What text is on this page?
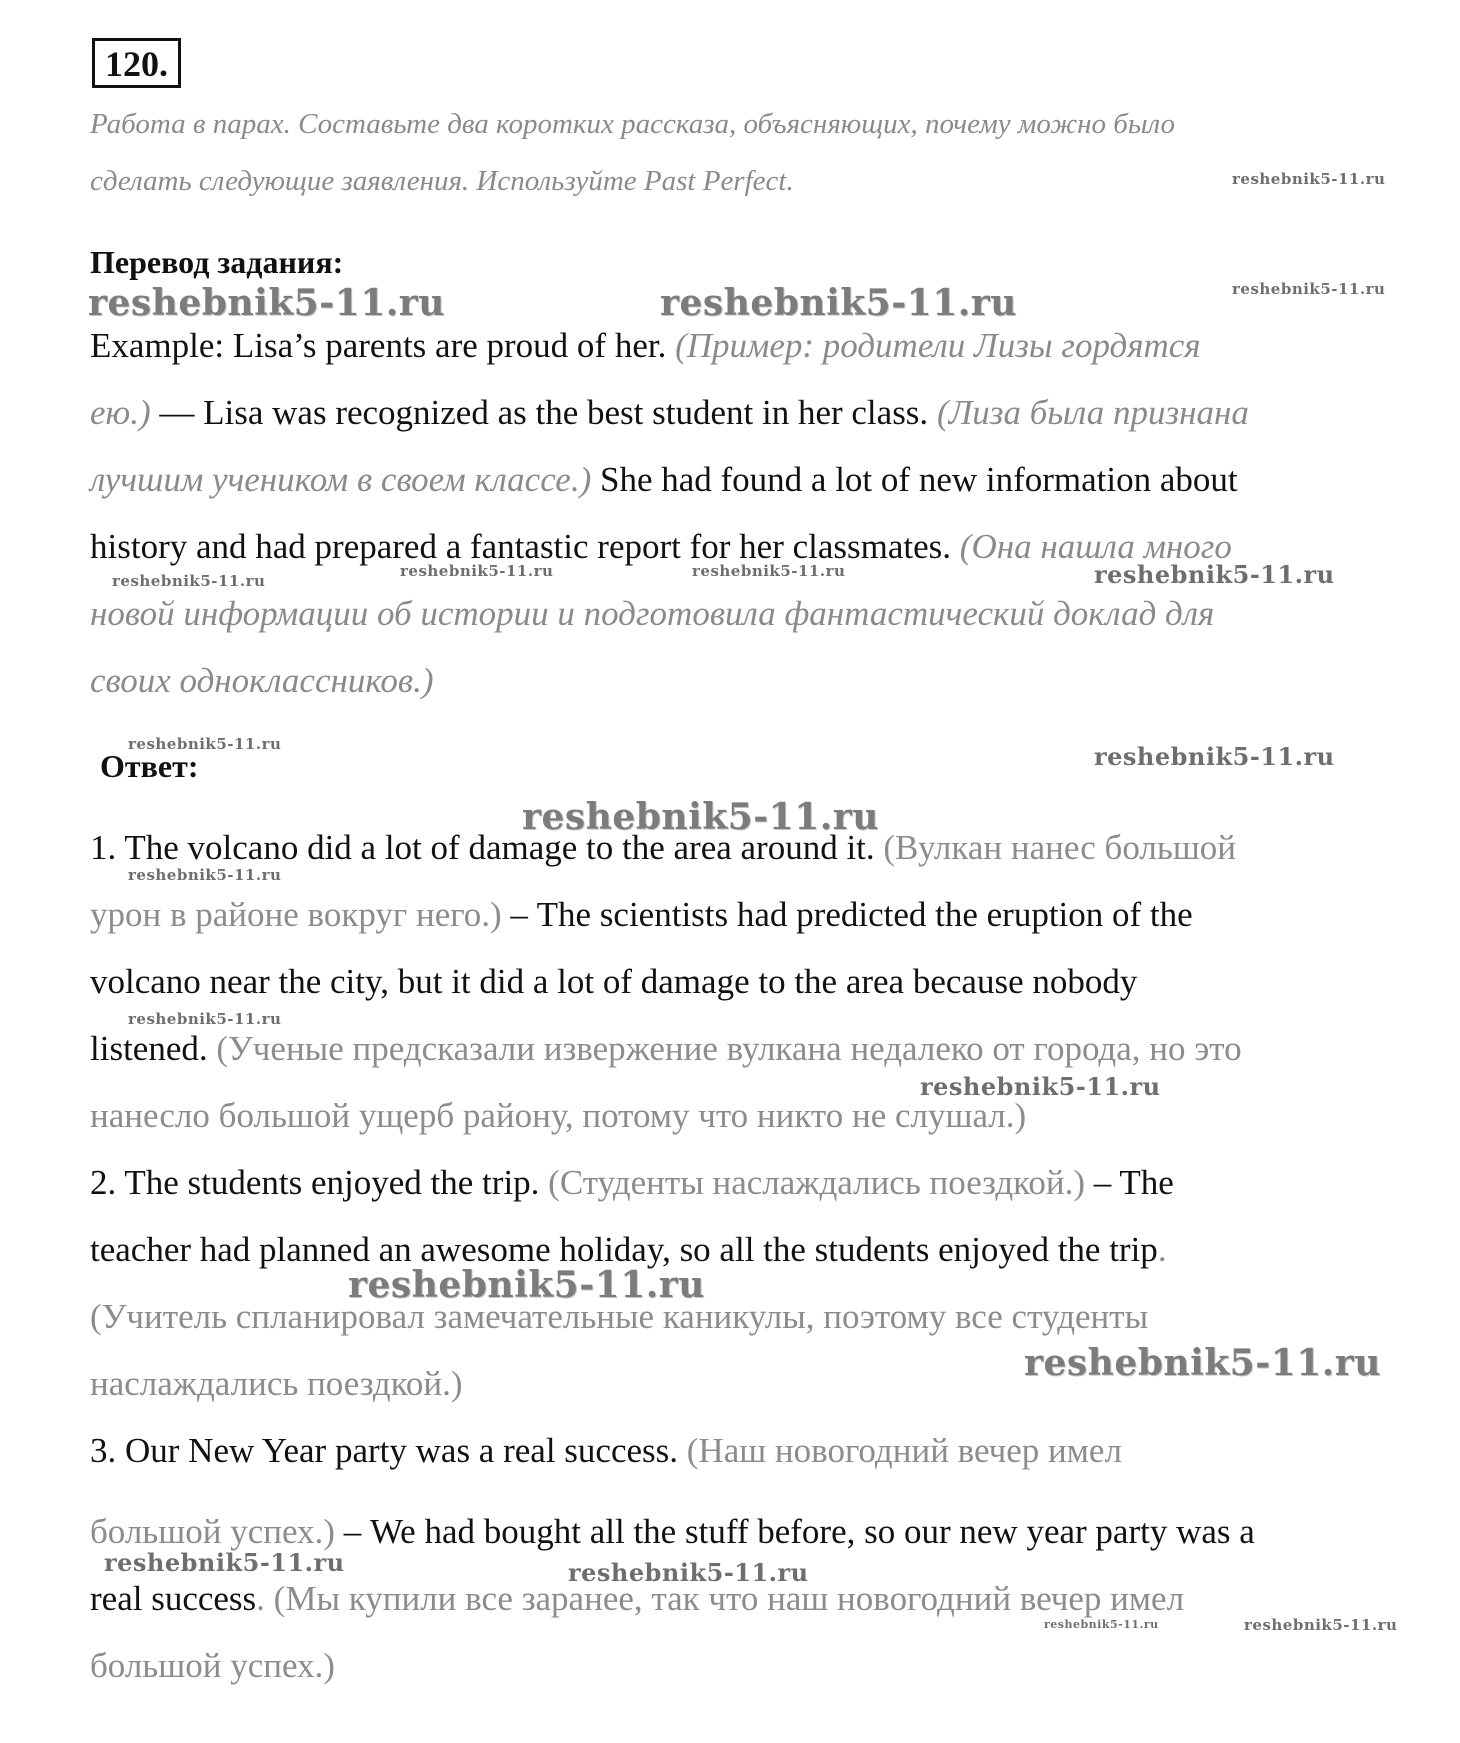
120.
Работа в парах. Составьте два коротких рассказа, объясняющих, почему можно было
сделать следующие заявления. Используйте Past Perfect.
Перевод задания:
Example: Lisa’s parents are proud of her. (Пример: родители Лизы гордятся
ею.) — Lisa was recognized as the best student in her class. (Лиза была признана
лучшим учеником в своем классе.) She had found a lot of new information about
history and had prepared a fantastic report for her classmates. (Она нашла много
новой информации об истории и подготовила фантастический доклад для
своих одноклассников.)
Ответ:
1. The volcano did a lot of damage to the area around it. (Вулкан нанес большой
урон в районе вокруг него.) – The scientists had predicted the eruption of the
volcano near the city, but it did a lot of damage to the area because nobody
listened. (Ученые предсказали извержение вулкана недалеко от города, но это
нанесло большой ущерб району, потому что никто не слушал.)
2. The students enjoyed the trip. (Студенты наслаждались поездкой.) – The
teacher had planned an awesome holiday, so all the students enjoyed the trip.
(Учитель спланировал замечательные каникулы, поэтому все студенты
наслаждались поездкой.)
3. Our New Year party was a real success. (Наш новогодний вечер имел
большой успех.) – We had bought all the stuff before, so our new year party was a
real success. (Мы купили все заранее, так что наш новогодний вечер имел
большой успех.)
reshebnik5-11.ru
reshebnik5-11.ru
reshebnik5-11.ru	reshebnik5-11.ru
reshebnik5-11.ru
reshebnik5-11.ru	reshebnik5-11.ru	reshebnik5-11.ru
reshebnik5-11.ru	reshebnik5-11.ru
reshebnik5-11.ru
reshebnik5-11.ru
reshebnik5-11.ru
reshebnik5-11.ru
reshebnik5-11.ru
reshebnik5-11.ru
reshebnik5-11.ru	reshebnik5-11.ru
reshebnik5-11.ru	reshebnik5-11.ru
